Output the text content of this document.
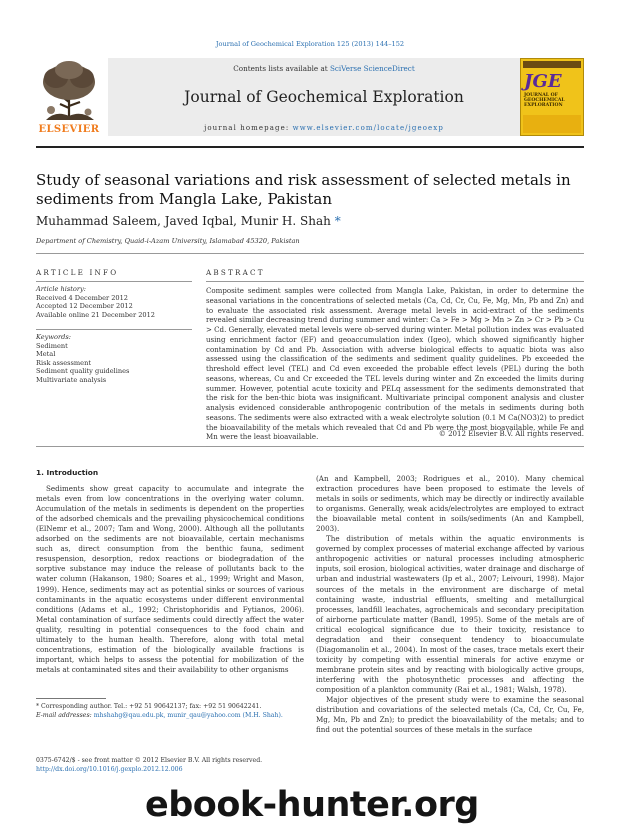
Journal of Geochemical Exploration 125 (2013) 144–152
ELSEVIER
Contents lists available at SciVerse ScienceDirect
Journal of Geochemical Exploration
journal homepage: www.elsevier.com/locate/jgeoexp
JGE
JOURNAL OF GEOCHEMICAL EXPLORATION
Study of seasonal variations and risk assessment of selected metals in sediments from Mangla Lake, Pakistan
Muhammad Saleem, Javed Iqbal, Munir H. Shah *
Department of Chemistry, Quaid-i-Azam University, Islamabad 45320, Pakistan
ARTICLE INFO
Article history:
Received 4 December 2012
Accepted 12 December 2012
Available online 21 December 2012
Keywords:
Sediment
Metal
Risk assessment
Sediment quality guidelines
Multivariate analysis
ABSTRACT
Composite sediment samples were collected from Mangla Lake, Pakistan, in order to determine the seasonal variations in the concentrations of selected metals (Ca, Cd, Cr, Cu, Fe, Mg, Mn, Pb and Zn) and to evaluate the associated risk assessment. Average metal levels in acid-extract of the sediments revealed similar decreasing trend during summer and winter: Ca > Fe > Mg > Mn > Zn > Cr > Pb > Cu > Cd. Generally, elevated metal levels were ob-served during winter. Metal pollution index was evaluated using enrichment factor (EF) and geoaccumulation index (Igeo), which showed significantly higher contamination by Cd and Pb. Association with adverse biological effects to aquatic biota was also assessed using the classification of the sediments and sediment quality guidelines. Pb exceeded the threshold effect level (TEL) and Cd even exceeded the probable effect levels (PEL) during the both seasons, whereas, Cu and Cr exceeded the TEL levels during winter and Zn exceeded the limits during summer. However, potential acute toxicity and PELq assessment for the sediments demonstrated that the risk for the ben-thic biota was insignificant. Multivariate principal component analysis and cluster analysis evidenced considerable anthropogenic contribution of the metals in sediments during both seasons. The sediments were also extracted with a weak electrolyte solution (0.1 M Ca(NO3)2) to predict the bioavailability of the metals which revealed that Cd and Pb were the most bioavailable, while Fe and Mn were the least bioavailable.	© 2012 Elsevier B.V. All rights reserved.
1. Introduction

Sediments show great capacity to accumulate and integrate the metals even from low concentrations in the overlying water column. Accumulation of the metals in sediments is dependent on the properties of the adsorbed chemicals and the prevailing physicochemical conditions (ElNemr et al., 2007; Tam and Wong, 2000). Although all the pollutants adsorbed on the sediments are not bioavailable, certain mechanisms such as, direct consumption from the benthic fauna, sediment resuspension, desorption, redox reactions or biodegradation of the sorptive substance may induce the release of pollutants back to the water column (Hakanson, 1980; Soares et al., 1999; Wright and Mason, 1999). Hence, sediments may act as potential sinks or sources of various contaminants in the aquatic ecosystems under different environmental conditions (Adams et al., 1992; Christophoridis and Fytianos, 2006). Metal contamination of surface sediments could directly affect the water quality, resulting in potential consequences to the food chain and ultimately to the human health. Therefore, along with total metal concentrations, estimation of the biologically available fractions is important, which helps to assess the potential for mobilization of the metals at contaminated sites and their availability to other organisms

(An and Kampbell, 2003; Rodrigues et al., 2010). Many chemical extraction procedures have been proposed to estimate the levels of metals in soils or sediments, which may be directly or indirectly available to organisms. Generally, weak acids/electrolytes are employed to extract the bioavailable metal content in soils/sediments (An and Kampbell, 2003).

The distribution of metals within the aquatic environments is governed by complex processes of material exchange affected by various anthropogenic activities or natural processes including atmospheric inputs, soil erosion, biological activities, water drainage and discharge of urban and industrial wastewaters (Ip et al., 2007; Leivouri, 1998). Major sources of the metals in the environment are discharge of metal containing waste, industrial effluents, smelting and metallurgical processes, landfill leachates, agrochemicals and secondary precipitation of airborne particulate matter (Bandl, 1995). Some of the metals are of critical ecological significance due to their toxicity, resistance to degradation and their consequent tendency to bioaccumulate (Diagomanolin et al., 2004). In most of the cases, trace metals exert their toxicity by competing with essential minerals for active enzyme or membrane protein sites and by reacting with biologically active groups, interfering with the photosynthetic processes and affecting the composition of a plankton community (Rai et al., 1981; Walsh, 1978).

Major objectives of the present study were to examine the seasonal distribution and covariations of the selected metals (Ca, Cd, Cr, Cu, Fe, Mg, Mn, Pb and Zn); to predict the bioavailability of the metals; and to find out the potential sources of these metals in the surface

* Corresponding author. Tel.: +92 51 90642137; fax: +92 51 90642241.
E-mail addresses: mhshahg@qau.edu.pk, munir_qau@yahoo.com (M.H. Shah).
0375-6742/$ - see front matter © 2012 Elsevier B.V. All rights reserved.
http://dx.doi.org/10.1016/j.gexplo.2012.12.006
ebook-hunter.org
